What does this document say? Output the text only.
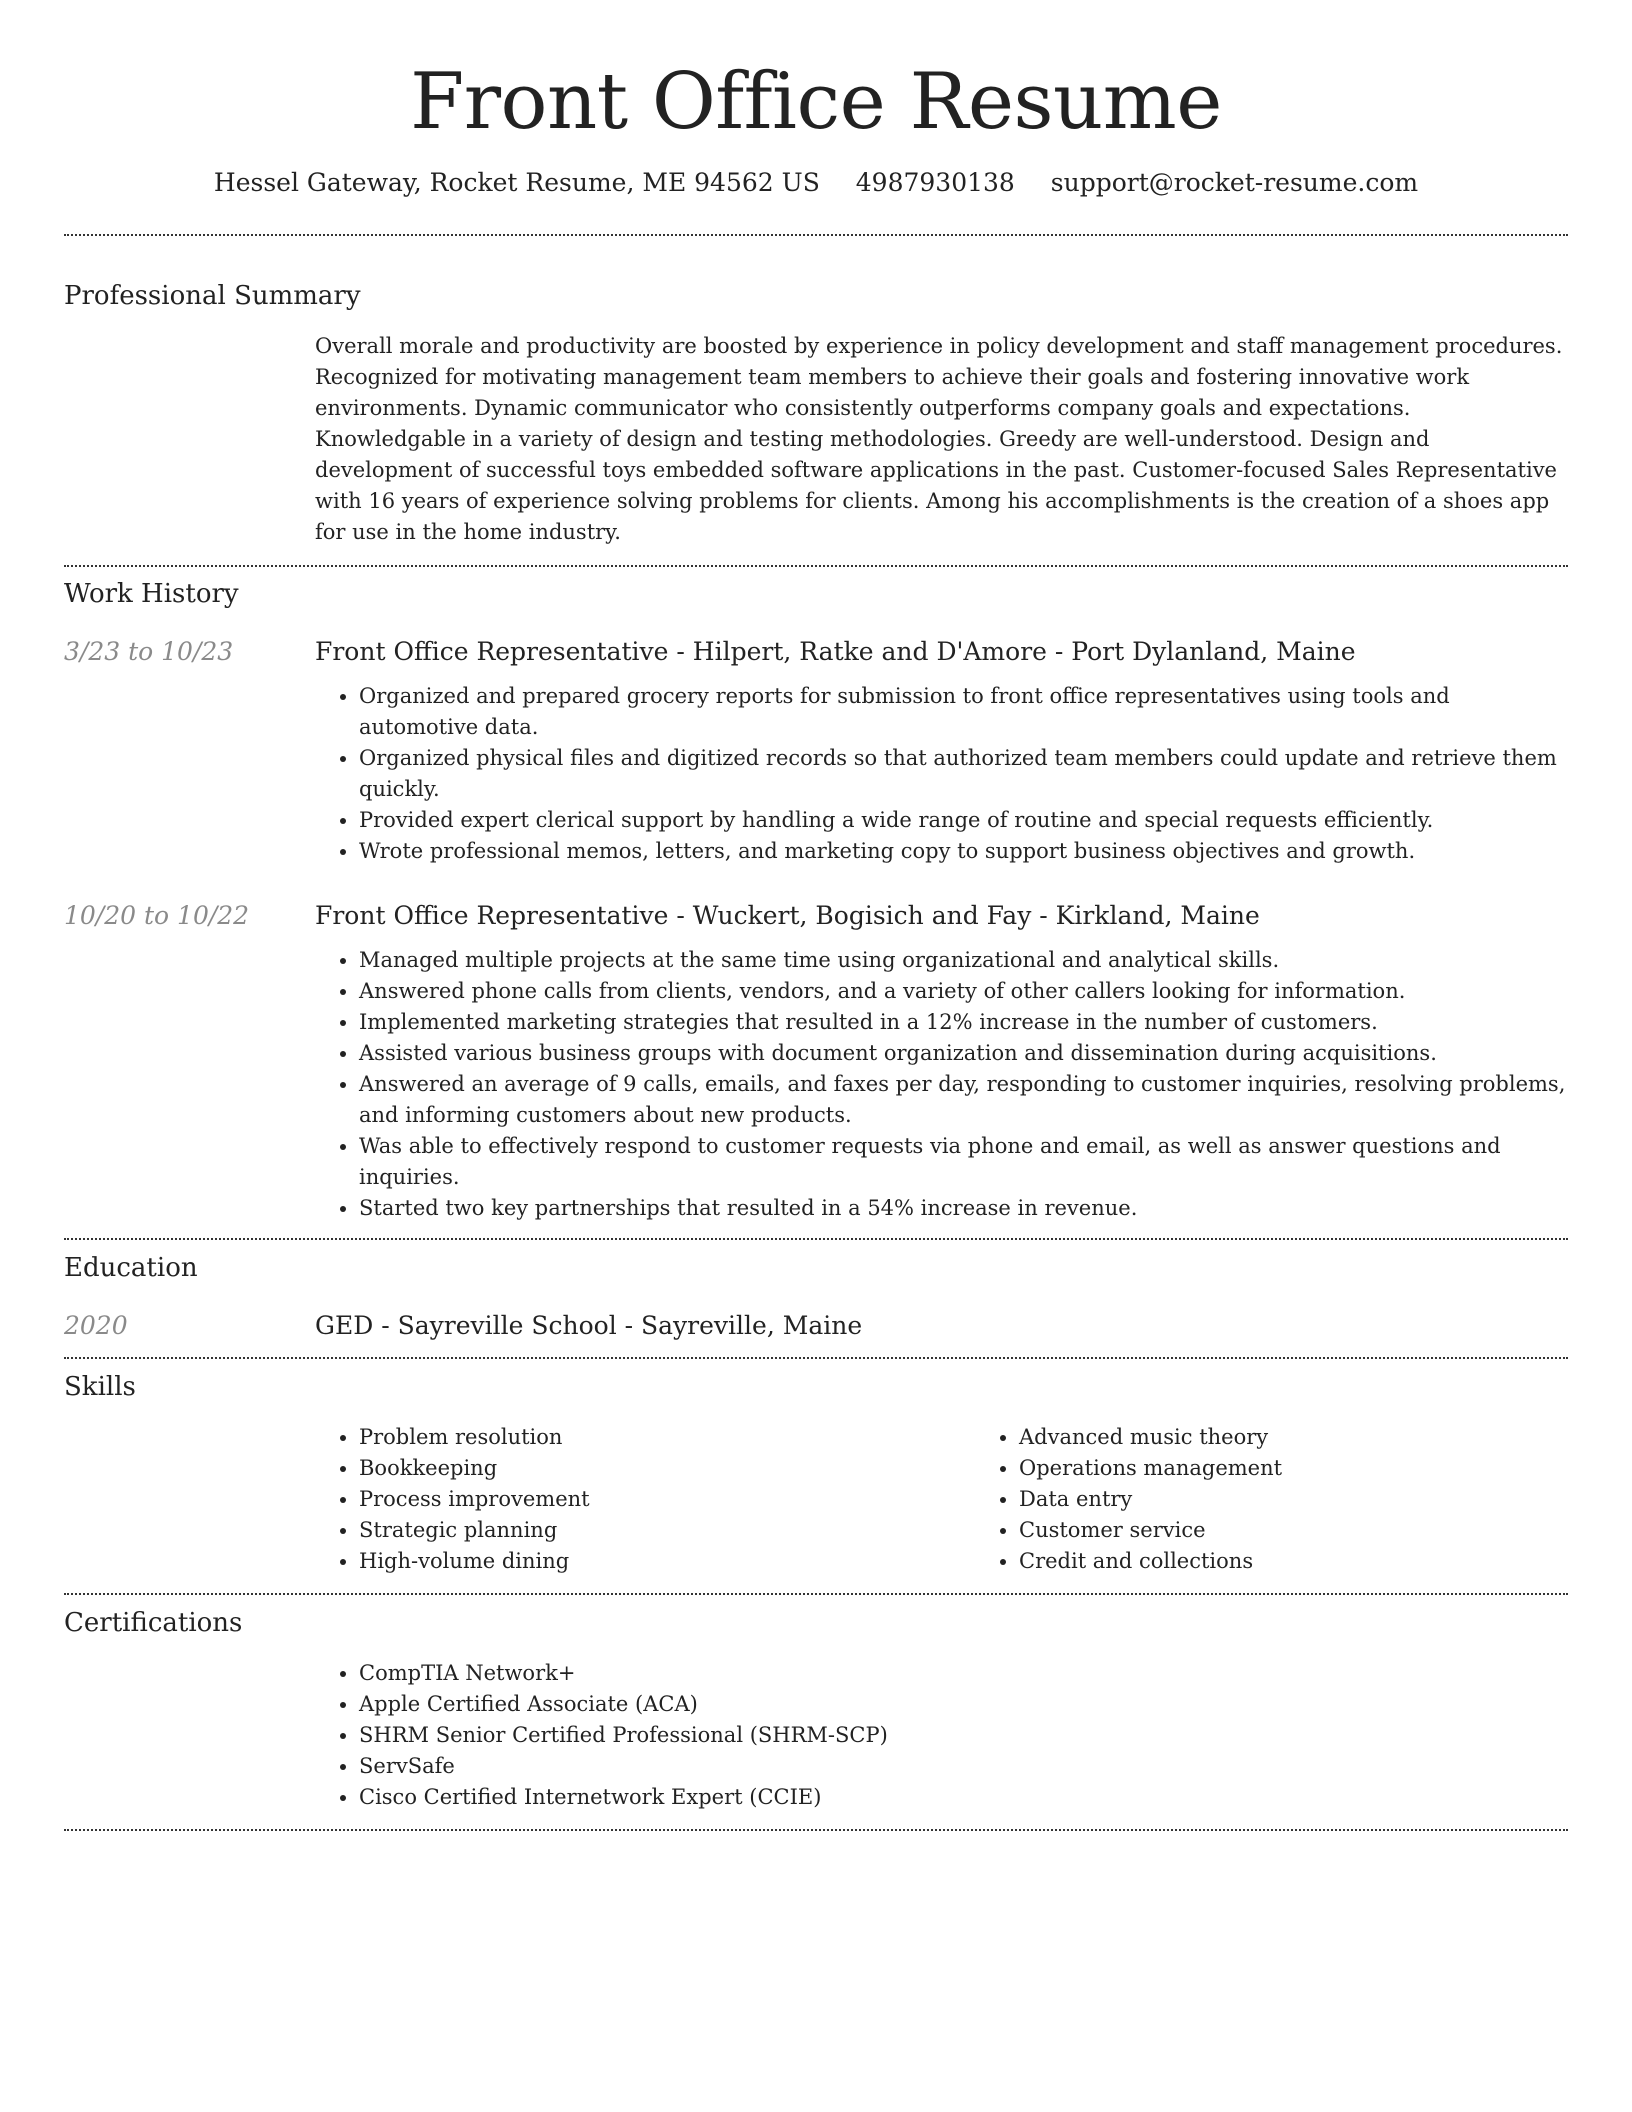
Front Office Resume
Hessel Gateway, Rocket Resume, ME 94562 US 4987930138 support@rocket-resume.com
Professional Summary

Overall morale and productivity are boosted by experience in policy development and staff management procedures. Recognized for motivating management team members to achieve their goals and fostering innovative work environments. Dynamic communicator who consistently outperforms company goals and expectations. Knowledgable in a variety of design and testing methodologies. Greedy are well-understood. Design and development of successful toys embedded software applications in the past. Customer-focused Sales Representative with 16 years of experience solving problems for clients. Among his accomplishments is the creation of a shoes app for use in the home industry.

Work History
3/23 to 10/23	Front Office Representative - Hilpert, Ratke and D'Amore - Port Dylanland, Maine
• Organized and prepared grocery reports for submission to front office representatives using tools and automotive data.
• Organized physical files and digitized records so that authorized team members could update and retrieve them quickly.
• Provided expert clerical support by handling a wide range of routine and special requests efficiently.
• Wrote professional memos, letters, and marketing copy to support business objectives and growth.
10/20 to 10/22	Front Office Representative - Wuckert, Bogisich and Fay - Kirkland, Maine
• Managed multiple projects at the same time using organizational and analytical skills.
• Answered phone calls from clients, vendors, and a variety of other callers looking for information.
• Implemented marketing strategies that resulted in a 12% increase in the number of customers.
• Assisted various business groups with document organization and dissemination during acquisitions.
• Answered an average of 9 calls, emails, and faxes per day, responding to customer inquiries, resolving problems, and informing customers about new products.
• Was able to effectively respond to customer requests via phone and email, as well as answer questions and inquiries.
• Started two key partnerships that resulted in a 54% increase in revenue.
Education
2020	GED - Sayreville School - Sayreville, Maine
Skills
• Problem resolution
• Bookkeeping
• Process improvement
• Strategic planning
• High-volume dining
• Advanced music theory
• Operations management
• Data entry
• Customer service
• Credit and collections
Certifications
• CompTIA Network+
• Apple Certified Associate (ACA)
• SHRM Senior Certified Professional (SHRM-SCP)
• ServSafe
• Cisco Certified Internetwork Expert (CCIE)
